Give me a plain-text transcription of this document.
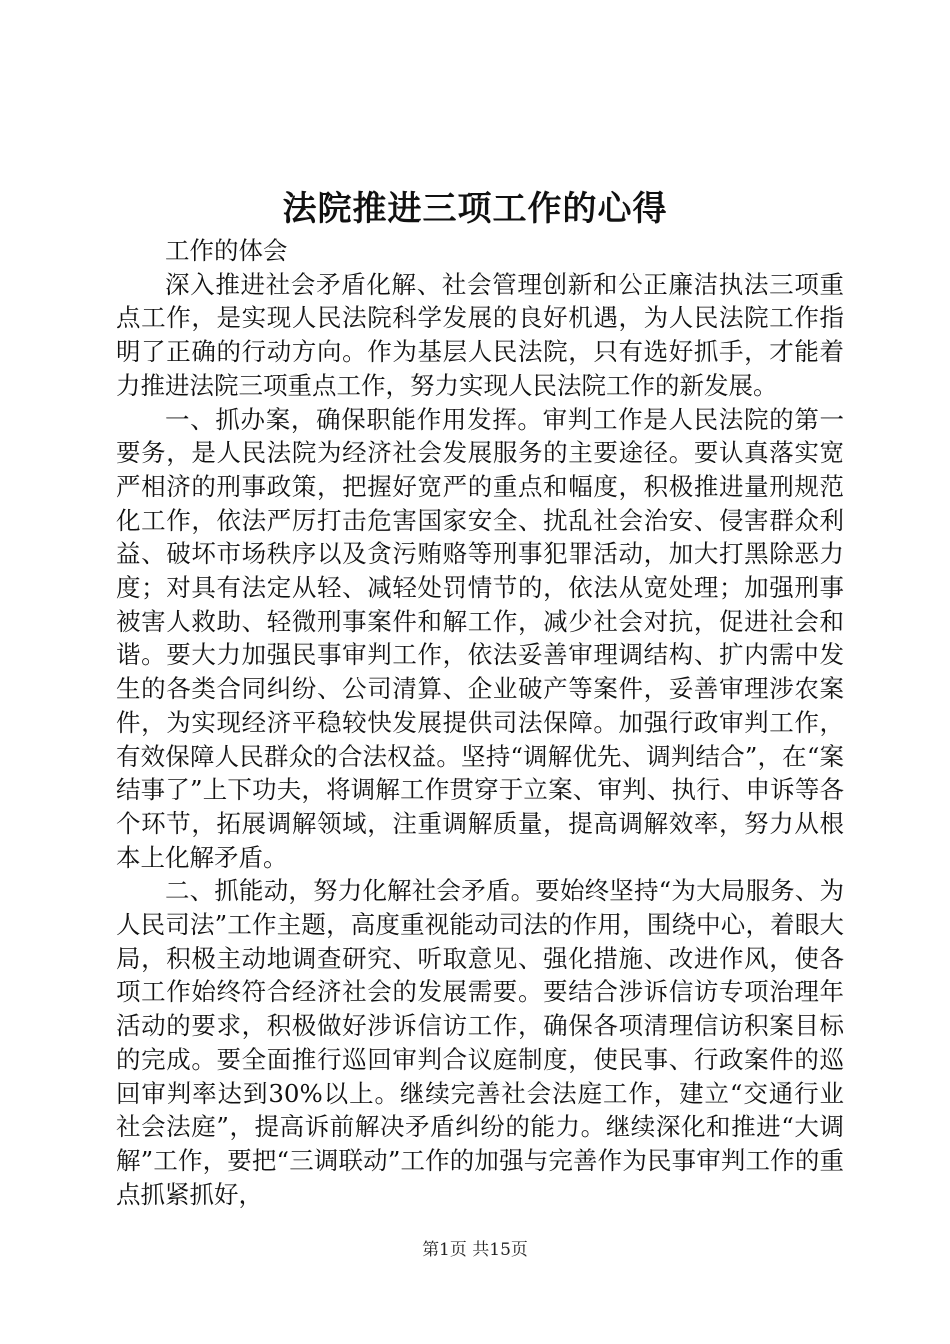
法院推进三项工作的心得

工作的体会

深入推进社会矛盾化解、社会管理创新和公正廉洁执法三项重点工作，是实现人民法院科学发展的良好机遇，为人民法院工作指明了正确的行动方向。作为基层人民法院，只有选好抓手，才能着力推进法院三项重点工作，努力实现人民法院工作的新发展。

一、抓办案，确保职能作用发挥。审判工作是人民法院的第一要务，是人民法院为经济社会发展服务的主要途径。要认真落实宽严相济的刑事政策，把握好宽严的重点和幅度，积极推进量刑规范化工作，依法严厉打击危害国家安全、扰乱社会治安、侵害群众利益、破坏市场秩序以及贪污贿赂等刑事犯罪活动，加大打黑除恶力度；对具有法定从轻、减轻处罚情节的，依法从宽处理；加强刑事被害人救助、轻微刑事案件和解工作，减少社会对抗，促进社会和谐。要大力加强民事审判工作，依法妥善审理调结构、扩内需中发生的各类合同纠纷、公司清算、企业破产等案件，妥善审理涉农案件，为实现经济平稳较快发展提供司法保障。加强行政审判工作，有效保障人民群众的合法权益。坚持“调解优先、调判结合”，在“案结事了”上下功夫，将调解工作贯穿于立案、审判、执行、申诉等各个环节，拓展调解领域，注重调解质量，提高调解效率，努力从根本上化解矛盾。

二、抓能动，努力化解社会矛盾。要始终坚持“为大局服务、为人民司法”工作主题，高度重视能动司法的作用，围绕中心，着眼大局，积极主动地调查研究、听取意见、强化措施、改进作风，使各项工作始终符合经济社会的发展需要。要结合涉诉信访专项治理年活动的要求，积极做好涉诉信访工作，确保各项清理信访积案目标的完成。要全面推行巡回审判合议庭制度，使民事、行政案件的巡回审判率达到30%以上。继续完善社会法庭工作，建立“交通行业社会法庭”，提高诉前解决矛盾纠纷的能力。继续深化和推进“大调解”工作，要把“三调联动”工作的加强与完善作为民事审判工作的重点抓紧抓好，

第1页 共15页
